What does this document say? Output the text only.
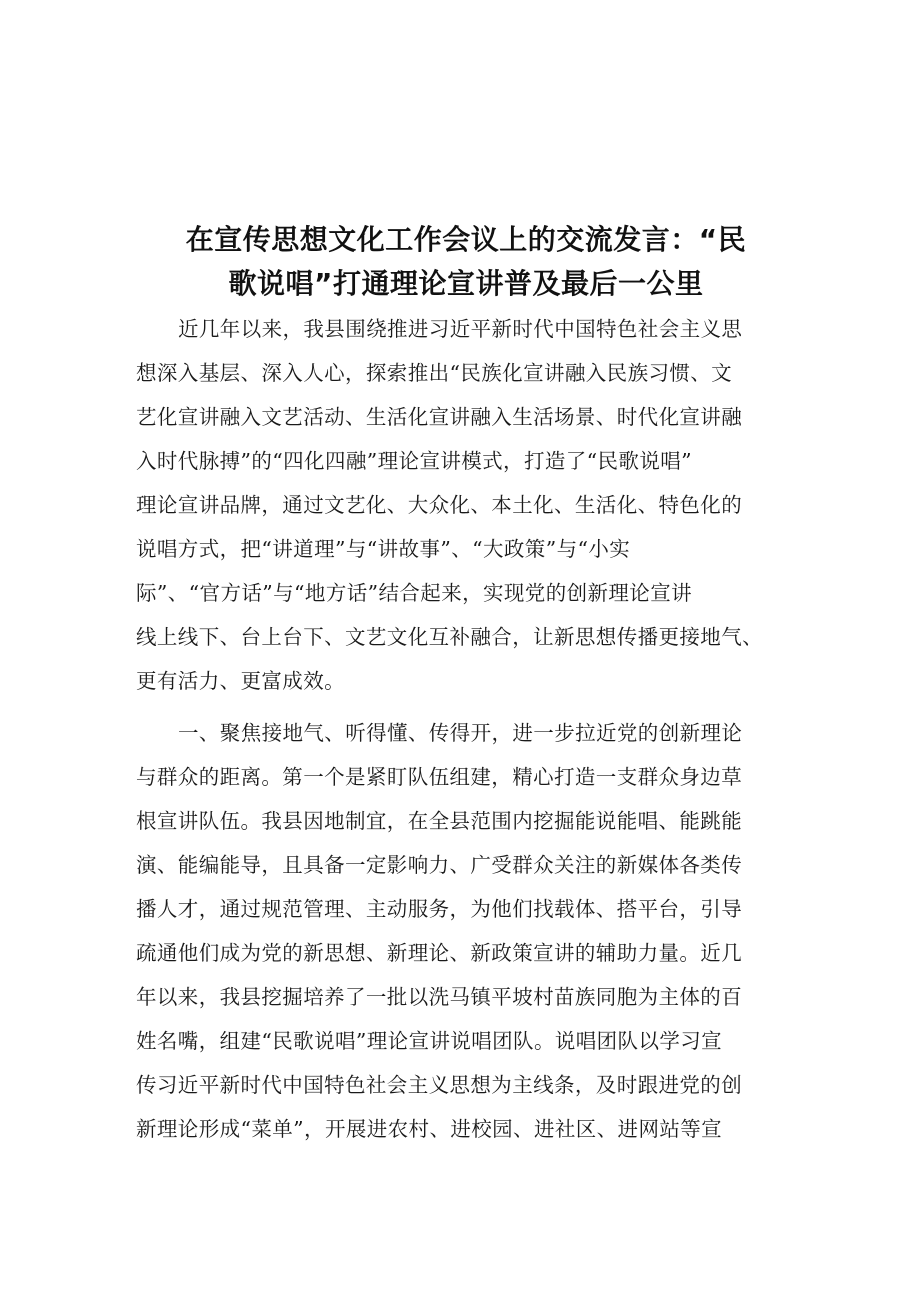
在宣传思想文化工作会议上的交流发言：“民
歌说唱”打通理论宣讲普及最后一公里
近几年以来，我县围绕推进习近平新时代中国特色社会主义思
想深入基层、深入人心，探索推出“民族化宣讲融入民族习惯、文
艺化宣讲融入文艺活动、生活化宣讲融入生活场景、时代化宣讲融
入时代脉搏”的“四化四融”理论宣讲模式，打造了“民歌说唱”
理论宣讲品牌，通过文艺化、大众化、本土化、生活化、特色化的
说唱方式，把“讲道理”与“讲故事”、“大政策”与“小实
际”、“官方话”与“地方话”结合起来，实现党的创新理论宣讲
线上线下、台上台下、文艺文化互补融合，让新思想传播更接地气、
更有活力、更富成效。
一、聚焦接地气、听得懂、传得开，进一步拉近党的创新理论
与群众的距离。第一个是紧盯队伍组建，精心打造一支群众身边草
根宣讲队伍。我县因地制宜，在全县范围内挖掘能说能唱、能跳能
演、能编能导，且具备一定影响力、广受群众关注的新媒体各类传
播人才，通过规范管理、主动服务，为他们找载体、搭平台，引导
疏通他们成为党的新思想、新理论、新政策宣讲的辅助力量。近几
年以来，我县挖掘培养了一批以洗马镇平坡村苗族同胞为主体的百
姓名嘴，组建“民歌说唱”理论宣讲说唱团队。说唱团队以学习宣
传习近平新时代中国特色社会主义思想为主线条，及时跟进党的创
新理论形成“菜单”，开展进农村、进校园、进社区、进网站等宣
